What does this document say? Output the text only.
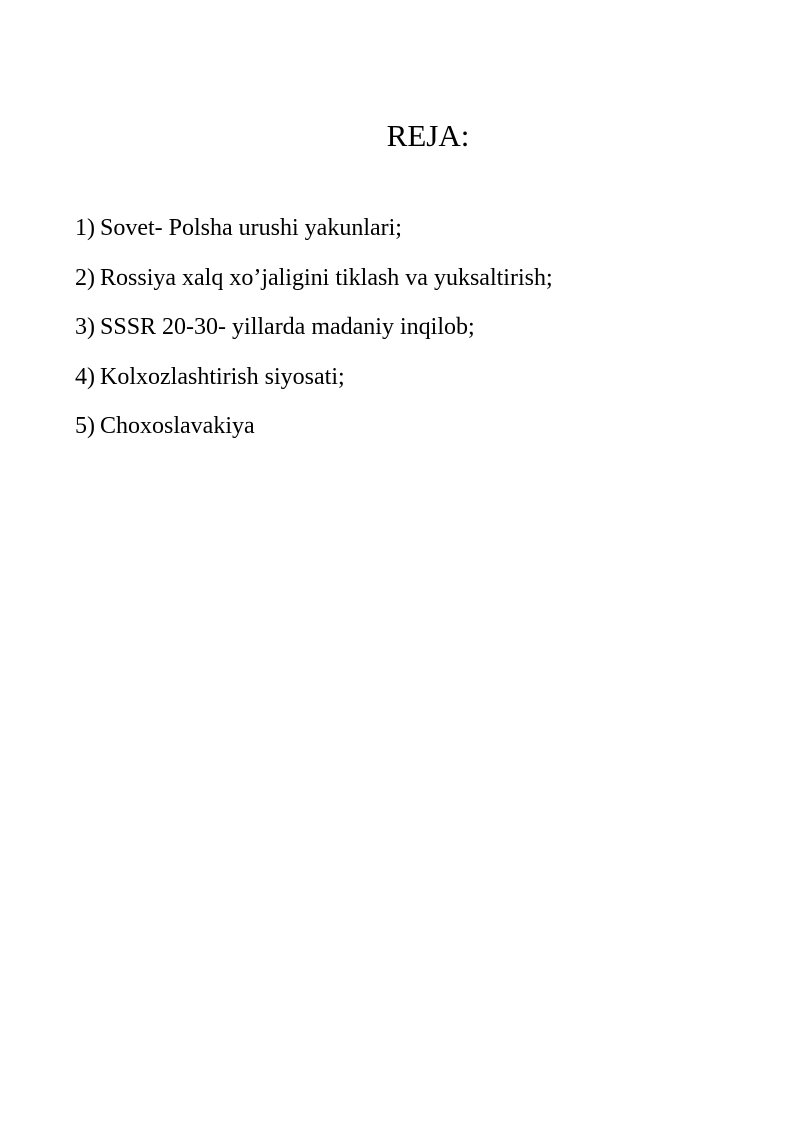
REJA:
1) Sovet- Polsha urushi yakunlari;
2) Rossiya xalq xo’jaligini tiklash va yuksaltirish;
3) SSSR 20-30- yillarda madaniy inqilob;
4) Kolxozlashtirish siyosati;
5) Choxoslavakiya
